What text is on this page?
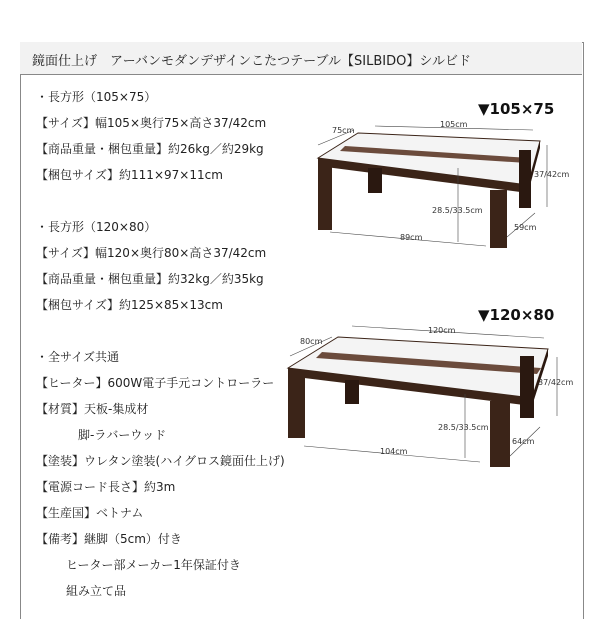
鏡面仕上げ　アーバンモダンデザインこたつテーブル【SILBIDO】シルビド
・長方形（105×75）
【サイズ】幅105×奥行75×高さ37/42cm
【商品重量・梱包重量】約26kg／約29kg
【梱包サイズ】約111×97×11cm
・長方形（120×80）
【サイズ】幅120×奥行80×高さ37/42cm
【商品重量・梱包重量】約32kg／約35kg
【梱包サイズ】約125×85×13cm
・全サイズ共通
【ヒーター】600W電子手元コントローラー
【材質】天板-集成材
脚-ラバーウッド
【塗装】ウレタン塗装(ハイグロス鏡面仕上げ)
【電源コード長さ】約3m
【生産国】ベトナム
【備考】継脚（5cm）付き
ヒーター部メーカー1年保証付き
組み立て品
▼105×75
▼120×80
105cm
75cm
37/42cm
28.5/33.5cm
89cm
59cm
120cm
80cm
37/42cm
28.5/33.5cm
104cm
64cm
